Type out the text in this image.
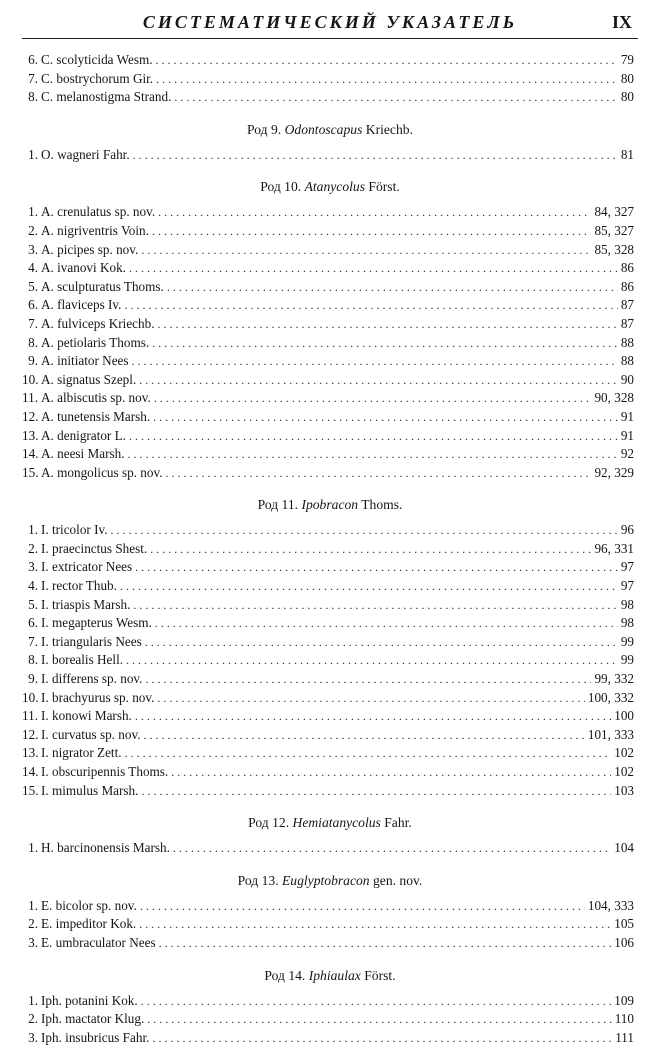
СИСТЕМАТИЧЕСКИЙ УКАЗАТЕЛЬ	IX
6. C. scolyticida Wesm. . . .	79
7. C. bostrychorum Gir. . . .	80
8. C. melanostigma Strand. . . .	80
Род 9. Odontoscapus Kriechb.
1. O. wagneri Fahr. . . .	81
Род 10. Atanycolus Först.
1. A. crenulatus sp. nov. . . .	84, 327
2. A. nigriventris Voin. . . .	85, 327
3. A. picipes sp. nov. . . .	85, 328
4. A. ivanovi Kok. . . .	86
5. A. sculpturatus Thoms. . . .	86
6. A. flaviceps Iv. . . .	87
7. A. fulviceps Kriechb. . . .	87
8. A. petiolaris Thoms. . . .	88
9. A. initiator Nees . . .	88
10. A. signatus Szepl. . . .	90
11. A. albiscutis sp. nov. . . .	90, 328
12. A. tunetensis Marsh. . . .	91
13. A. denigrator L. . . .	91
14. A. neesi Marsh. . . .	92
15. A. mongolicus sp. nov. . . .	92, 329
Род 11. Ipobracon Thoms.
1. I. tricolor Iv. . . .	96
2. I. praecinctus Shest. . . .	96, 331
3. I. extricator Nees . . .	97
4. I. rector Thub. . . .	97
5. I. triaspis Marsh. . . .	98
6. I. megapterus Wesm. . . .	98
7. I. triangularis Nees . . .	99
8. I. borealis Hell. . . .	99
9. I. differens sp. nov. . . .	99, 332
10. I. brachyurus sp. nov. . . .	100, 332
11. I. konowi Marsh. . . .	100
12. I. curvatus sp. nov. . . .	101, 333
13. I. nigrator Zett. . . .	102
14. I. obscuripennis Thoms. . . .	102
15. I. mimulus Marsh. . . .	103
Род 12. Hemiatanycolus Fahr.
1. H. barcinonensis Marsh. . . .	104
Род 13. Euglyptobracon gen. nov.
1. E. bicolor sp. nov. . . .	104, 333
2. E. impeditor Kok. . . .	105
3. E. umbraculator Nees . . .	106
Род 14. Iphiaulax Först.
1. Iph. potanini Kok. . . .	109
2. Iph. mactator Klug. . . .	110
3. Iph. insubricus Fahr. . . .	111
